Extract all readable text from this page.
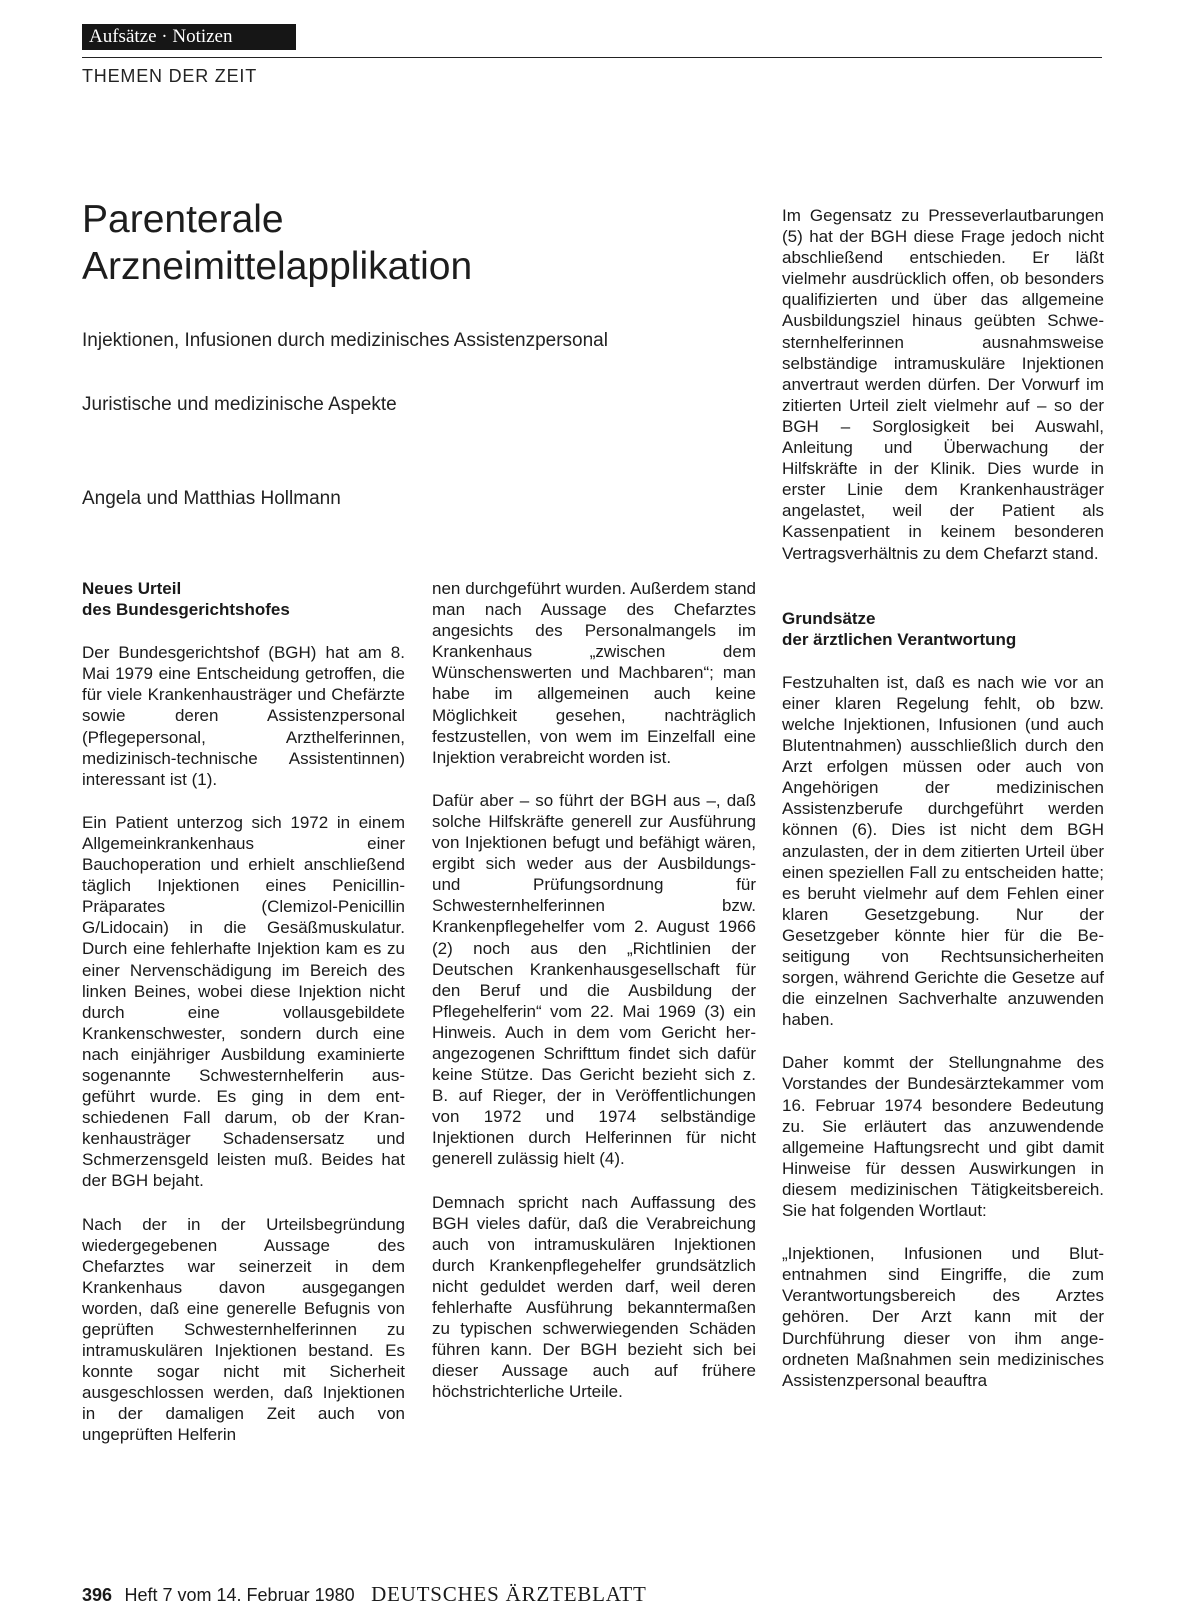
Aufsätze · Notizen
THEMEN DER ZEIT
Parenterale
Arzneimittelapplikation
Injektionen, Infusionen durch medizinisches Assistenzpersonal
Juristische und medizinische Aspekte
Angela und Matthias Hollmann
Neues Urteil
des Bundesgerichtshofes
Der Bundesgerichtshof (BGH) hat am 8. Mai 1979 eine Entscheidung getroffen, die für viele Krankenhausträger und Chefärzte sowie deren Assistenzpersonal (Pflegepersonal, Arzthelferinnen, medizinisch-technische Assistentinnen) interessant ist (1).
Ein Patient unterzog sich 1972 in einem Allgemeinkrankenhaus einer Bauchoperation und erhielt anschließend täglich Injektionen eines Penicillin-Präparates (Clemizol-Penicillin G/Lidocain) in die Gesäßmuskulatur. Durch eine fehlerhafte Injektion kam es zu einer Nervenschädigung im Bereich des linken Beines, wobei diese Injektion nicht durch eine vollausgebildete Krankenschwester, sondern durch eine nach einjähriger Ausbildung examinierte sogenannte Schwesternhelferin ausgeführt wurde. Es ging in dem entschiedenen Fall darum, ob der Krankenhausträger Schadensersatz und Schmerzensgeld leisten muß. Beides hat der BGH bejaht.
Nach der in der Urteilsbegründung wiedergegebenen Aussage des Chefarztes war seinerzeit in dem Krankenhaus davon ausgegangen worden, daß eine generelle Befugnis von geprüften Schwesternhelferinnen zu intramuskulären Injektionen bestand. Es konnte sogar nicht mit Sicherheit ausgeschlossen werden, daß Injektionen in der damaligen Zeit auch von ungeprüften Helferin
nen durchgeführt wurden. Außerdem stand man nach Aussage des Chefarztes angesichts des Personalmangels im Krankenhaus „zwischen dem Wünschenswerten und Machbaren“; man habe im allgemeinen auch keine Möglichkeit gesehen, nachträglich festzustellen, von wem im Einzelfall eine Injektion verabreicht worden ist.
Dafür aber – so führt der BGH aus –, daß solche Hilfskräfte generell zur Ausführung von Injektionen befugt und befähigt wären, ergibt sich weder aus der Ausbildungs- und Prüfungsordnung für Schwesternhelferinnen bzw. Krankenpflegehelfer vom 2. August 1966 (2) noch aus den „Richtlinien der Deutschen Krankenhausgesellschaft für den Beruf und die Ausbildung der Pflegehelferin“ vom 22. Mai 1969 (3) ein Hinweis. Auch in dem vom Gericht herangezogenen Schrifttum findet sich dafür keine Stütze. Das Gericht bezieht sich z. B. auf Rieger, der in Veröffentlichungen von 1972 und 1974 selbständige Injektionen durch Helferinnen für nicht generell zulässig hielt (4).
Demnach spricht nach Auffassung des BGH vieles dafür, daß die Verabreichung auch von intramuskulären Injektionen durch Krankenpflegehelfer grundsätzlich nicht geduldet werden darf, weil deren fehlerhafte Ausführung bekanntermaßen zu typischen schwerwiegenden Schäden führen kann. Der BGH bezieht sich bei dieser Aussage auch auf frühere höchstrichterliche Urteile.
Im Gegensatz zu Presseverlautbarungen (5) hat der BGH diese Frage jedoch nicht abschließend entschieden. Er läßt vielmehr ausdrücklich offen, ob besonders qualifizierten und über das allgemeine Ausbildungsziel hinaus geübten Schwesternhelferinnen ausnahmsweise selbständige intramuskuläre Injektionen anvertraut werden dürfen. Der Vorwurf im zitierten Urteil zielt vielmehr auf – so der BGH – Sorglosigkeit bei Auswahl, Anleitung und Überwachung der Hilfskräfte in der Klinik. Dies wurde in erster Linie dem Krankenhausträger angelastet, weil der Patient als Kassenpatient in keinem besonderen Vertragsverhältnis zu dem Chefarzt stand.
Grundsätze
der ärztlichen Verantwortung
Festzuhalten ist, daß es nach wie vor an einer klaren Regelung fehlt, ob bzw. welche Injektionen, Infusionen (und auch Blutentnahmen) ausschließlich durch den Arzt erfolgen müssen oder auch von Angehörigen der medizinischen Assistenzberufe durchgeführt werden können (6). Dies ist nicht dem BGH anzulasten, der in dem zitierten Urteil über einen speziellen Fall zu entscheiden hatte; es beruht vielmehr auf dem Fehlen einer klaren Gesetzgebung. Nur der Gesetzgeber könnte hier für die Beseitigung von Rechtsunsicherheiten sorgen, während Gerichte die Gesetze auf die einzelnen Sachverhalte anzuwenden haben.
Daher kommt der Stellungnahme des Vorstandes der Bundesärztekammer vom 16. Februar 1974 besondere Bedeutung zu. Sie erläutert das anzuwendende allgemeine Haftungsrecht und gibt damit Hinweise für dessen Auswirkungen in diesem medizinischen Tätigkeitsbereich. Sie hat folgenden Wortlaut:
„Injektionen, Infusionen und Blutentnahmen sind Eingriffe, die zum Verantwortungsbereich des Arztes gehören. Der Arzt kann mit der Durchführung dieser von ihm angeordneten Maßnahmen sein medizinisches Assistenzpersonal beauftra
396 Heft 7 vom 14. Februar 1980 DEUTSCHES ÄRZTEBLATT
